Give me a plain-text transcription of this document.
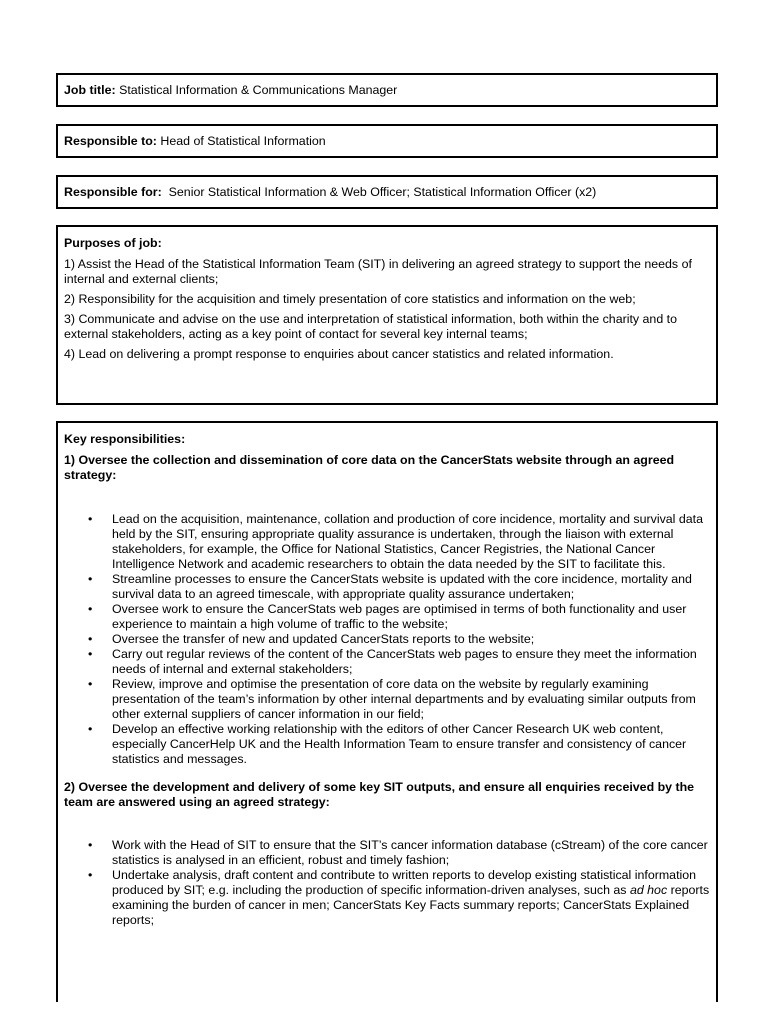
Job title: Statistical Information & Communications Manager
Responsible to: Head of Statistical Information
Responsible for:  Senior Statistical Information & Web Officer; Statistical Information Officer (x2)

Purposes of job:

1) Assist the Head of the Statistical Information Team (SIT) in delivering an agreed strategy to support the needs of internal and external clients;

2) Responsibility for the acquisition and timely presentation of core statistics and information on the web;

3) Communicate and advise on the use and interpretation of statistical information, both within the charity and to external stakeholders, acting as a key point of contact for several key internal teams;

4) Lead on delivering a prompt response to enquiries about cancer statistics and related information.

Key responsibilities:

1) Oversee the collection and dissemination of core data on the CancerStats website through an agreed strategy:

• Lead on the acquisition, maintenance, collation and production of core incidence, mortality and survival data held by the SIT, ensuring appropriate quality assurance is undertaken, through the liaison with external stakeholders, for example, the Office for National Statistics, Cancer Registries, the National Cancer Intelligence Network and academic researchers to obtain the data needed by the SIT to facilitate this.
• Streamline processes to ensure the CancerStats website is updated with the core incidence, mortality and survival data to an agreed timescale, with appropriate quality assurance undertaken;
• Oversee work to ensure the CancerStats web pages are optimised in terms of both functionality and user experience to maintain a high volume of traffic to the website;
• Oversee the transfer of new and updated CancerStats reports to the website;
• Carry out regular reviews of the content of the CancerStats web pages to ensure they meet the information needs of internal and external stakeholders;
• Review, improve and optimise the presentation of core data on the website by regularly examining presentation of the team’s information by other internal departments and by evaluating similar outputs from other external suppliers of cancer information in our field;
• Develop an effective working relationship with the editors of other Cancer Research UK web content, especially CancerHelp UK and the Health Information Team to ensure transfer and consistency of cancer statistics and messages.

2) Oversee the development and delivery of some key SIT outputs, and ensure all enquiries received by the team are answered using an agreed strategy:

• Work with the Head of SIT to ensure that the SIT’s cancer information database (cStream) of the core cancer statistics is analysed in an efficient, robust and timely fashion;
• Undertake analysis, draft content and contribute to written reports to develop existing statistical information produced by SIT; e.g. including the production of specific information-driven analyses, such as ad hoc reports examining the burden of cancer in men; CancerStats Key Facts summary reports; CancerStats Explained reports;
